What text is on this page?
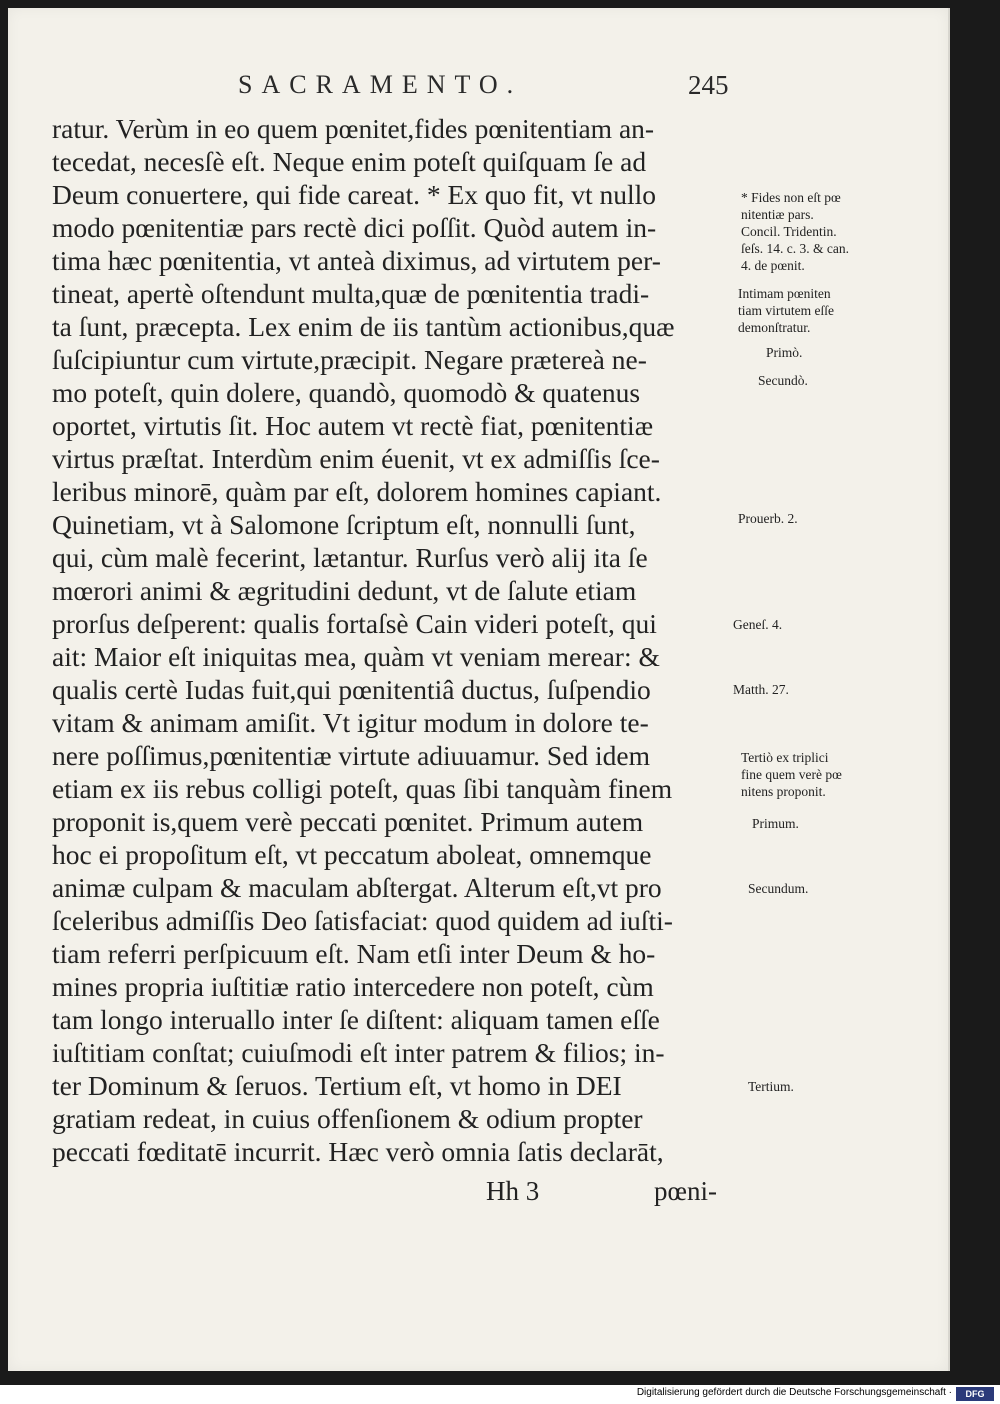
SACRAMENTO.	245
ratur. Verùm in eo quem pœnitet,fides pœnitentiam an-
tecedat, necesſè eſt. Neque enim poteſt quiſquam ſe ad
Deum conuertere, qui fide careat. * Ex quo fit, vt nullo
modo pœnitentiæ pars rectè dici poſſit. Quòd autem in-
tima hæc pœnitentia, vt anteà diximus, ad virtutem per-
tineat, apertè oſtendunt multa,quæ de pœnitentia tradi-
ta ſunt, præcepta. Lex enim de iis tantùm actionibus,quæ
ſuſcipiuntur cum virtute,præcipit. Negare prætereà ne-
mo poteſt, quin dolere, quandò, quomodò & quatenus
oportet, virtutis ſit. Hoc autem vt rectè fiat, pœnitentiæ
virtus præſtat. Interdùm enim éuenit, vt ex admiſſis ſce-
leribus minorē, quàm par eſt, dolorem homines capiant.
Quinetiam, vt à Salomone ſcriptum eſt, nonnulli ſunt,
qui, cùm malè fecerint, lætantur. Rurſus verò alij ita ſe
mœrori animi & ægritudini dedunt, vt de ſalute etiam
prorſus deſperent: qualis fortaſsè Cain videri poteſt, qui
ait: Maior eſt iniquitas mea, quàm vt veniam merear: &
qualis certè Iudas fuit,qui pœnitentiâ ductus, ſuſpendio
vitam & animam amiſit. Vt igitur modum in dolore te-
nere poſſimus,pœnitentiæ virtute adiuuamur. Sed idem
etiam ex iis rebus colligi poteſt, quas ſibi tanquàm finem
proponit is,quem verè peccati pœnitet. Primum autem
hoc ei propoſitum eſt, vt peccatum aboleat, omnemque
animæ culpam & maculam abſtergat. Alterum eſt,vt pro
ſceleribus admiſſis Deo ſatisfaciat: quod quidem ad iuſti-
tiam referri perſpicuum eſt. Nam etſi inter Deum & ho-
mines propria iuſtitiæ ratio intercedere non poteſt, cùm
tam longo interuallo inter ſe diſtent: aliquam tamen eſſe
iuſtitiam conſtat; cuiuſmodi eſt inter patrem & filios; in-
ter Dominum & ſeruos. Tertium eſt, vt homo in DEI
gratiam redeat, in cuius offenſionem & odium propter
peccati fœditatē incurrit. Hæc verò omnia ſatis declarāt,
* Fides non eſt pœ
nitentiæ pars.
Concil. Tridentin.
ſeſs. 14. c. 3. & can.
4. de pœnit.
Intimam pœniten
tiam virtutem eſſe
demonſtratur.
Primò.
Secundò.
Prouerb. 2.
Geneſ. 4.
Matth. 27.
Tertiò ex triplici
fine quem verè pœ
nitens proponit.
Primum.
Secundum.
Tertium.
Hh 3	pœni-
Digitalisierung gefördert durch die Deutsche Forschungsgemeinschaft ·	DFG
